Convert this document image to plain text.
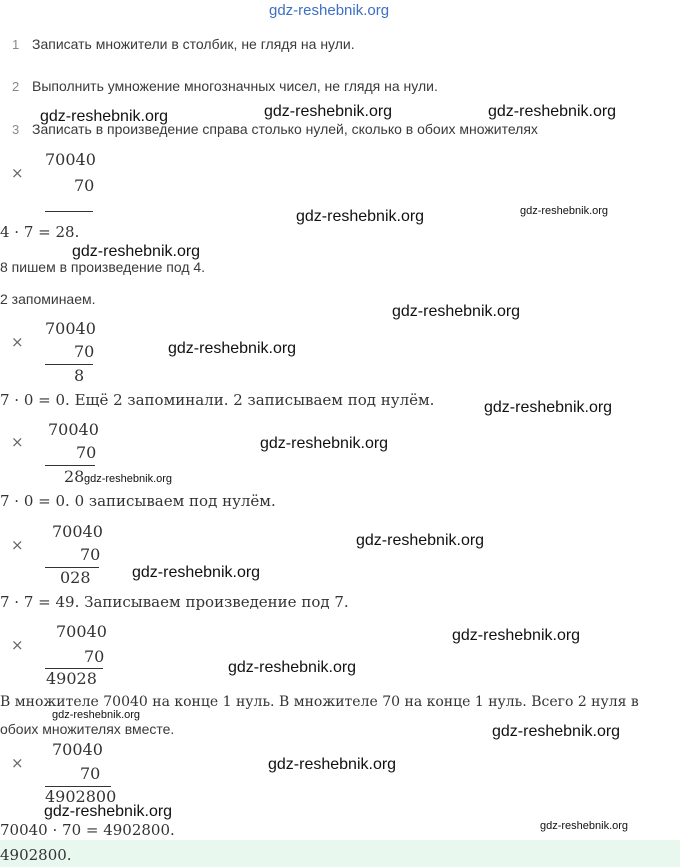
gdz-reshebnik.org
1 Записать множители в столбик, не глядя на нули.
2 Выполнить умножение многозначных чисел, не глядя на нули.
3 Записать в произведение справа столько нулей, сколько в обоих множителях
×
70040
70
4 · 7 = 28.
8 пишем в произведение под 4.
2 запоминаем.
×
70040
70
8
7 · 0 = 0. Ещё 2 запоминали. 2 записываем под нулём.
×
70040
70
28
7 · 0 = 0. 0 записываем под нулём.
×
70040
70
028
7 · 7 = 49. Записываем произведение под 7.
×
70040
70
49028
В множителе 70040 на конце 1 нуль. В множителе 70 на конце 1 нуль. Всего 2 нуля в
обоих множителях вместе.
×
70040
70
4902800
70040 · 70 = 4902800.
4902800.
gdz-reshebnik.org	gdz-reshebnik.org	gdz-reshebnik.org
gdz-reshebnik.org	gdz-reshebnik.org
gdz-reshebnik.org
gdz-reshebnik.org
gdz-reshebnik.org
gdz-reshebnik.org
gdz-reshebnik.org
gdz-reshebnik.org
gdz-reshebnik.org
gdz-reshebnik.org
gdz-reshebnik.org
gdz-reshebnik.org
gdz-reshebnik.org
gdz-reshebnik.org
gdz-reshebnik.org
gdz-reshebnik.org
gdz-reshebnik.org
